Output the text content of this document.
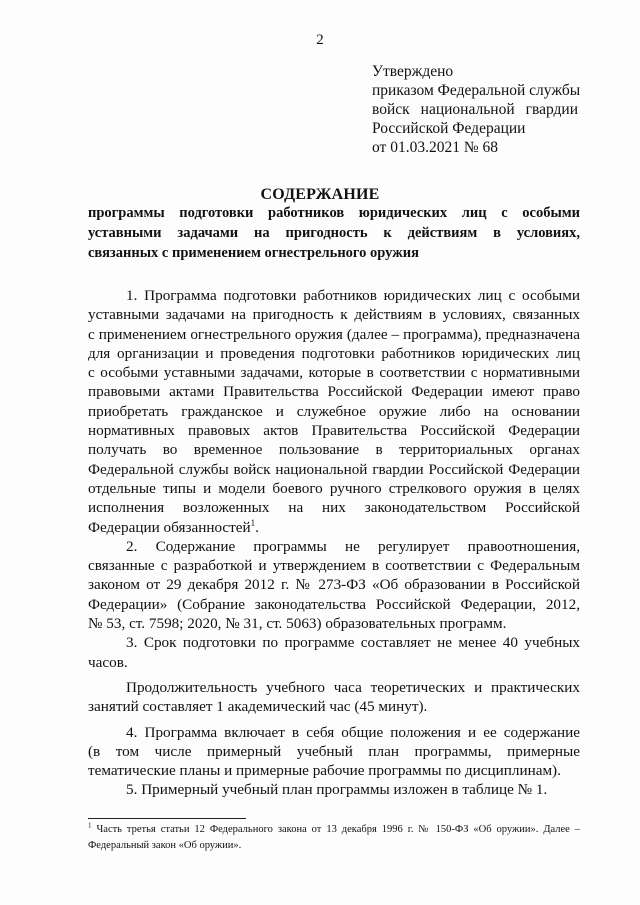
2
Утверждено
приказом Федеральной службы
войск национальной гвардии
Российской Федерации
от 01.03.2021 № 68
СОДЕРЖАНИЕ
программы подготовки работников юридических лиц с особыми
уставными задачами на пригодность к действиям в условиях,
связанных с применением огнестрельного оружия
1. Программа подготовки работников юридических лиц с особыми
уставными задачами на пригодность к действиям в условиях, связанных
с применением огнестрельного оружия (далее – программа), предназначена
для организации и проведения подготовки работников юридических лиц
с особыми уставными задачами, которые в соответствии с нормативными
правовыми актами Правительства Российской Федерации имеют право
приобретать гражданское и служебное оружие либо на основании
нормативных правовых актов Правительства Российской Федерации
получать во временное пользование в территориальных органах
Федеральной службы войск национальной гвардии Российской Федерации
отдельные типы и модели боевого ручного стрелкового оружия в целях
исполнения возложенных на них законодательством Российской
Федерации обязанностей$^1$.
2. Содержание программы не регулирует правоотношения,
связанные с разработкой и утверждением в соответствии с Федеральным
законом от 29 декабря 2012 г. № 273-ФЗ «Об образовании в Российской
Федерации» (Собрание законодательства Российской Федерации, 2012,
№ 53, ст. 7598; 2020, № 31, ст. 5063) образовательных программ.
3. Срок подготовки по программе составляет не менее 40 учебных
часов.
Продолжительность учебного часа теоретических и практических
занятий составляет 1 академический час (45 минут).
4. Программа включает в себя общие положения и ее содержание
(в том числе примерный учебный план программы, примерные
тематические планы и примерные рабочие программы по дисциплинам).
5. Примерный учебный план программы изложен в таблице № 1.
$^1$ Часть третья статьи 12 Федерального закона от 13 декабря 1996 г. № 150-ФЗ «Об оружии». Далее –
Федеральный закон «Об оружии».
